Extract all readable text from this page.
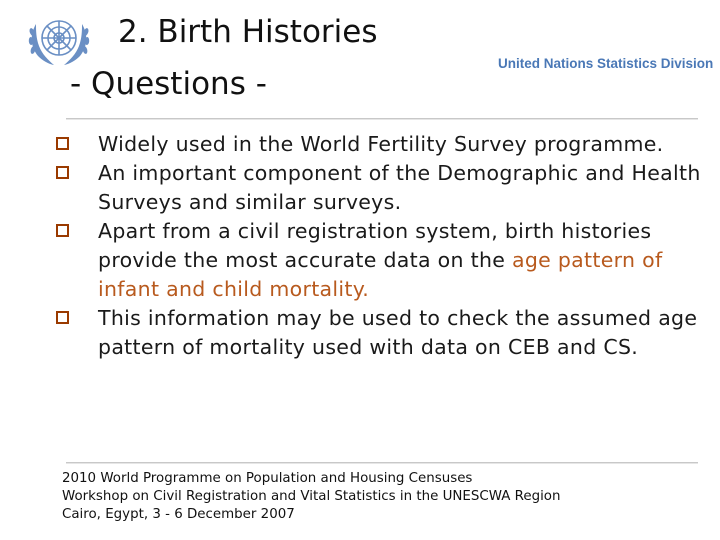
2. Birth Histories
- Questions -
United Nations Statistics Division
Widely used in the World Fertility Survey programme.
An important component of the Demographic and Health Surveys and similar surveys.
Apart from a civil registration system, birth histories provide the most accurate data on the age pattern of infant and child mortality.
This information may be used to check the assumed age pattern of mortality used with data on CEB and CS.
2010 World Programme on Population and Housing Censuses
Workshop on Civil Registration and Vital Statistics in the UNESCWA Region
Cairo, Egypt, 3 - 6 December 2007
